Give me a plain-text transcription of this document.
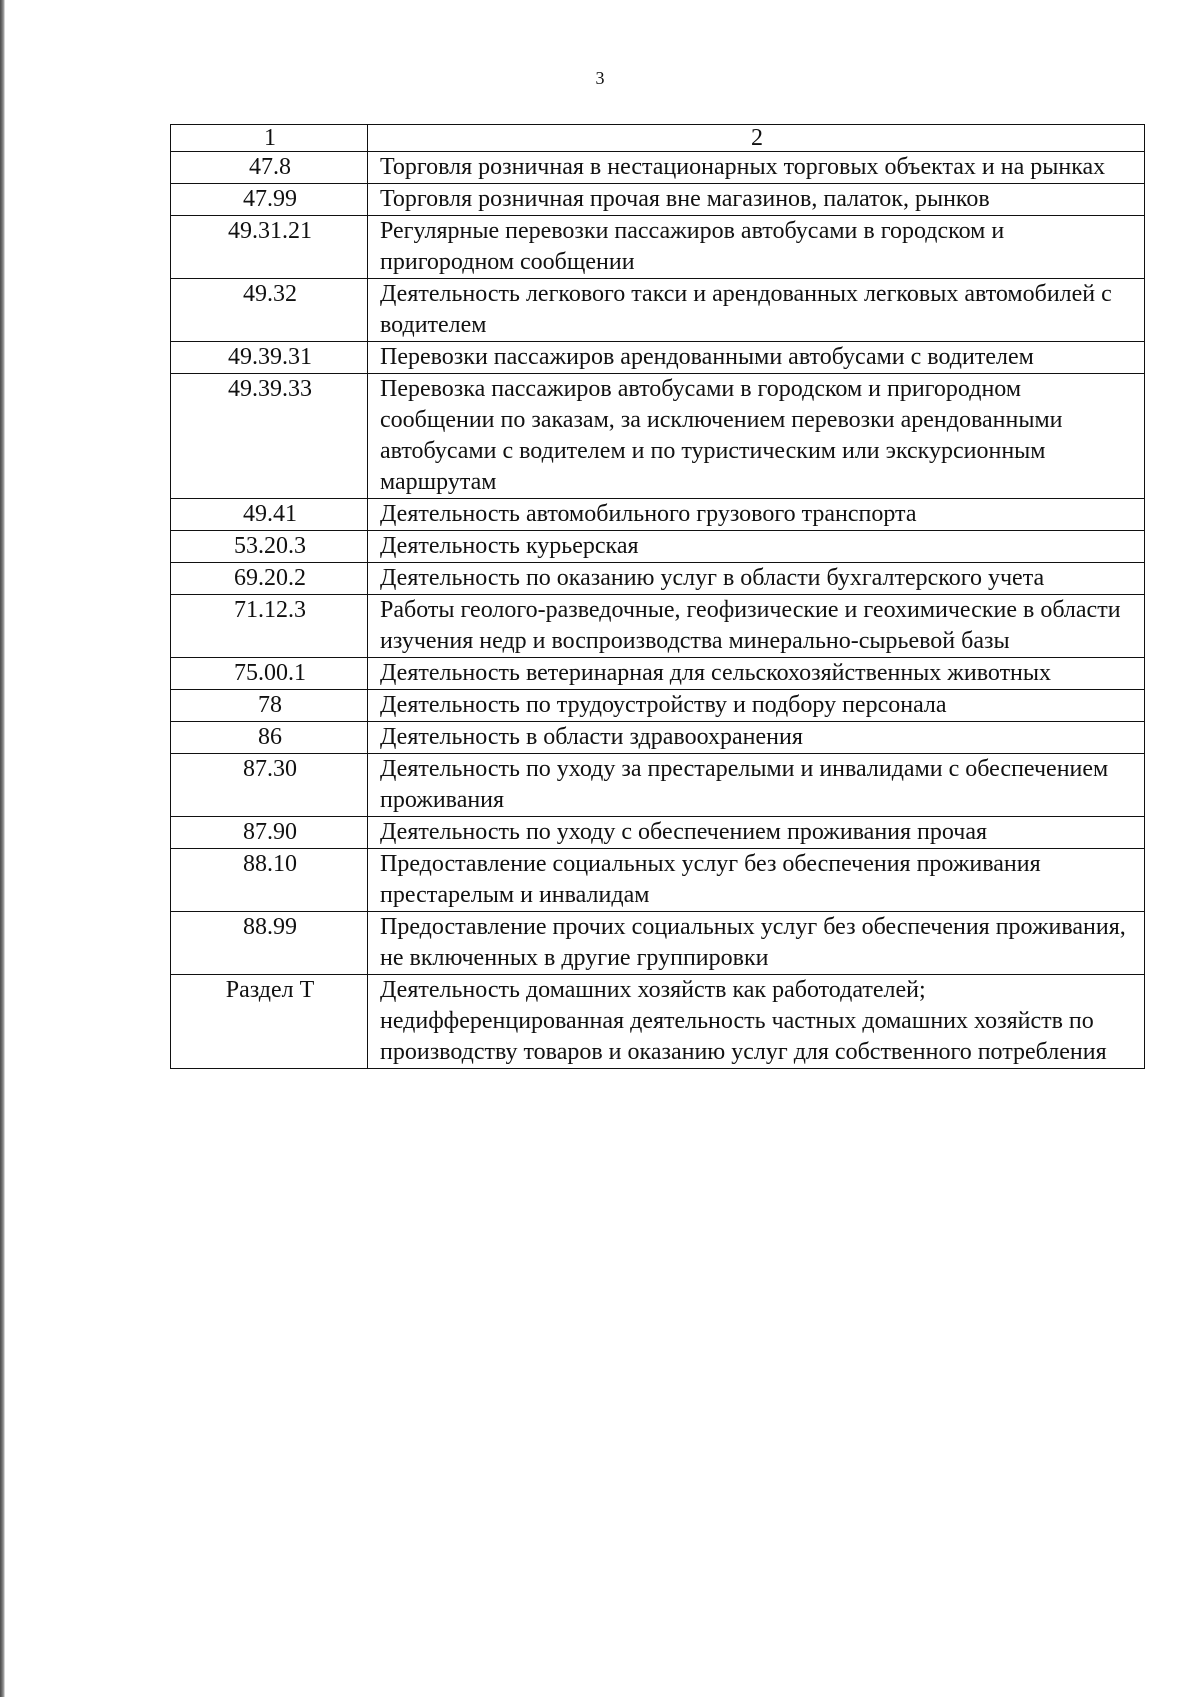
3
1	2
47.8	Торговля розничная в нестационарных торговых объектах и на рынках
47.99	Торговля розничная прочая вне магазинов, палаток, рынков
49.31.21	Регулярные перевозки пассажиров автобусами в городском и пригородном сообщении
49.32	Деятельность легкового такси и арендованных легковых автомобилей с водителем
49.39.31	Перевозки пассажиров арендованными автобусами с водителем
49.39.33	Перевозка пассажиров автобусами в городском и пригородном сообщении по заказам, за исключением перевозки арендованными автобусами с водителем и по туристическим или экскурсионным маршрутам
49.41	Деятельность автомобильного грузового транспорта
53.20.3	Деятельность курьерская
69.20.2	Деятельность по оказанию услуг в области бухгалтерского учета
71.12.3	Работы геолого-разведочные, геофизические и геохимические в области изучения недр и воспроизводства минерально-сырьевой базы
75.00.1	Деятельность ветеринарная для сельскохозяйственных животных
78	Деятельность по трудоустройству и подбору персонала
86	Деятельность в области здравоохранения
87.30	Деятельность по уходу за престарелыми и инвалидами с обеспечением проживания
87.90	Деятельность по уходу с обеспечением проживания прочая
88.10	Предоставление социальных услуг без обеспечения проживания престарелым и инвалидам
88.99	Предоставление прочих социальных услуг без обеспечения проживания, не включенных в другие группировки
Раздел Т	Деятельность домашних хозяйств как работодателей; недифференцированная деятельность частных домашних хозяйств по производству товаров и оказанию услуг для собственного потребления
